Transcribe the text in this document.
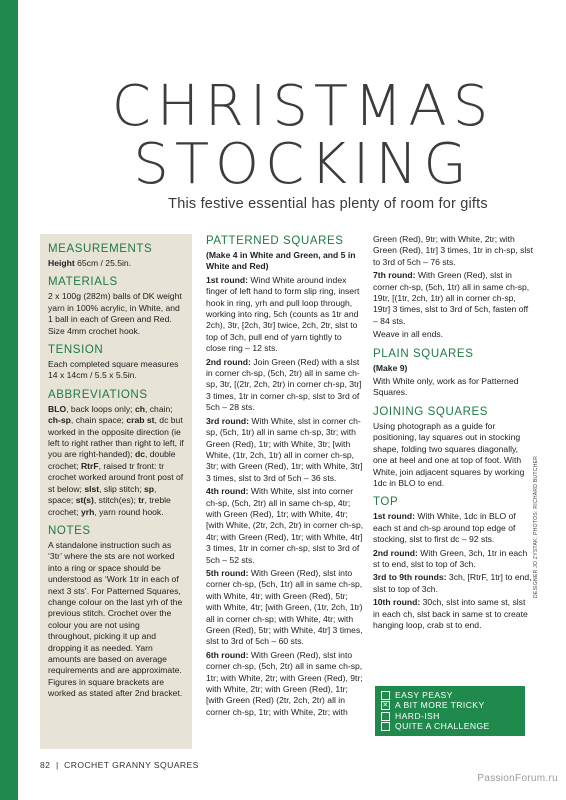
CHRISTMAS
STOCKING
This festive essential has plenty of room for gifts
MEASUREMENTS

Height 65cm / 25.5in.

MATERIALS

2 x 100g (282m) balls of DK weight yarn in 100% acrylic, in White, and 1 ball in each of Green and Red. Size 4mm crochet hook.

TENSION

Each completed square measures 14 x 14cm / 5.5 x 5.5in.

ABBREVIATIONS

BLO, back loops only; ch, chain; ch-sp, chain space; crab st, dc but worked in the opposite direction (ie left to right rather than right to left, if you are right-handed); dc, double crochet; RtrF, raised tr front: tr crochet worked around front post of st below; slst, slip stitch; sp, space; st(s), stitch(es); tr, treble crochet; yrh, yarn round hook.

NOTES

A standalone instruction such as ‘3tr’ where the sts are not worked into a ring or space should be understood as ‘Work 1tr in each of next 3 sts’. For Patterned Squares, change colour on the last yrh of the previous stitch. Crochet over the colour you are not using throughout, picking it up and dropping it as needed. Yarn amounts are based on average requirements and are approximate. Figures in square brackets are worked as stated after 2nd bracket.

PATTERNED SQUARES

(Make 4 in White and Green, and 5 in White and Red)

1st round: Wind White around index finger of left hand to form slip ring, insert hook in ring, yrh and pull loop through, working into ring, 5ch (counts as 1tr and 2ch), 3tr, [2ch, 3tr] twice, 2ch, 2tr, slst to top of 3ch, pull end of yarn tightly to close ring – 12 sts.

2nd round: Join Green (Red) with a slst in corner ch-sp, (5ch, 2tr) all in same ch-sp, 3tr, [(2tr, 2ch, 2tr) in corner ch-sp, 3tr] 3 times, 1tr in corner ch-sp, slst to 3rd of 5ch – 28 sts.

3rd round: With White, slst in corner ch-sp, (5ch, 1tr) all in same ch-sp, 3tr; with Green (Red), 1tr; with White, 3tr; [with White, (1tr, 2ch, 1tr) all in corner ch-sp, 3tr; with Green (Red), 1tr; with White, 3tr] 3 times, slst to 3rd of 5ch – 36 sts.

4th round: With White, slst into corner ch-sp, (5ch, 2tr) all in same ch-sp, 4tr; with Green (Red), 1tr; with White, 4tr; [with White, (2tr, 2ch, 2tr) in corner ch-sp, 4tr; with Green (Red), 1tr; with White, 4tr] 3 times, 1tr in corner ch-sp, slst to 3rd of 5ch – 52 sts.

5th round: With Green (Red), slst into corner ch-sp, (5ch, 1tr) all in same ch-sp, with White, 4tr; with Green (Red), 5tr; with White, 4tr; [with Green, (1tr, 2ch, 1tr) all in corner ch-sp; with White, 4tr; with Green (Red), 5tr; with White, 4tr] 3 times, slst to 3rd of 5ch – 60 sts.

6th round: With Green (Red), slst into corner ch-sp, (5ch, 2tr) all in same ch-sp, 1tr; with White, 2tr; with Green (Red), 9tr; with White, 2tr; with Green (Red), 1tr; [with Green (Red) (2tr, 2ch, 2tr) all in corner ch-sp, 1tr; with White, 2tr; with

Green (Red), 9tr; with White, 2tr; with Green (Red), 1tr] 3 times, 1tr in ch-sp, slst to 3rd of 5ch – 76 sts.

7th round: With Green (Red), slst in corner ch-sp, (5ch, 1tr) all in same ch-sp, 19tr, [(1tr, 2ch, 1tr) all in corner ch-sp, 19tr] 3 times, slst to 3rd of 5ch, fasten off – 84 sts.

Weave in all ends.

PLAIN SQUARES

(Make 9)

With White only, work as for Patterned Squares.

JOINING SQUARES

Using photograph as a guide for positioning, lay squares out in stocking shape, folding two squares diagonally, one at heel and one at top of foot. With White, join adjacent squares by working 1dc in BLO to end.

TOP

1st round: With White, 1dc in BLO of each st and ch-sp around top edge of stocking, slst to first dc – 92 sts.

2nd round: With Green, 3ch, 1tr in each st to end, slst to top of 3ch.

3rd to 9th rounds: 3ch, [RtrF, 1tr] to end, slst to top of 3ch.

10th round: 30ch, slst into same st, slst in each ch, slst back in same st to create hanging loop, crab st to end.

EASY PEASY
✕ A BIT MORE TRICKY
HARD-ISH
QUITE A CHALLENGE
DESIGNER JO ZYSTAK; PHOTOS: RICHARD BUTCHER
82 | CROCHET GRANNY SQUARES
PassionForum.ru
